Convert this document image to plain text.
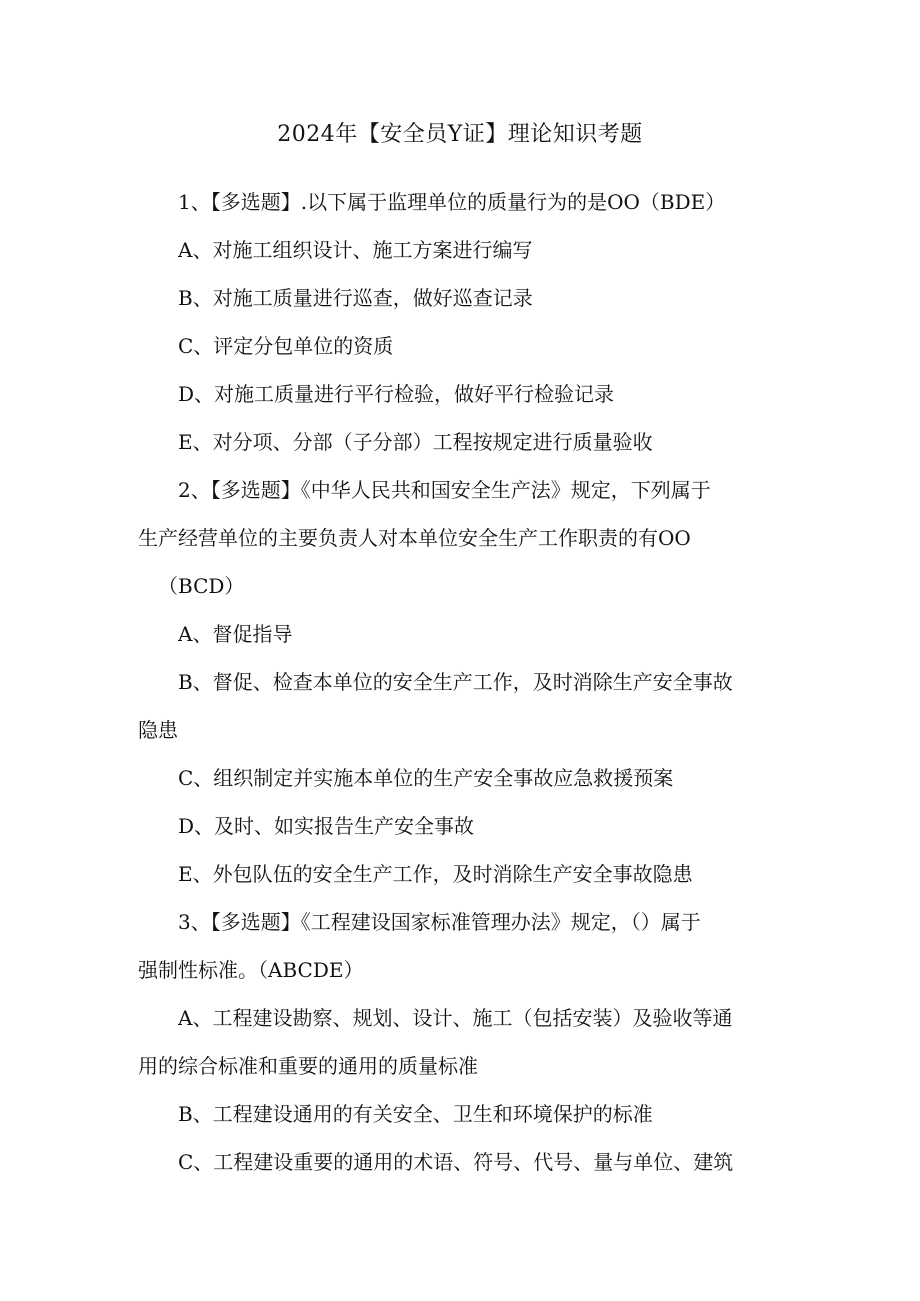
2024年【安全员Y证】理论知识考题
1、【多选题】.以下属于监理单位的质量行为的是OO（BDE）
A、对施工组织设计、施工方案进行编写
B、对施工质量进行巡查，做好巡查记录
C、评定分包单位的资质
D、对施工质量进行平行检验，做好平行检验记录
E、对分项、分部（子分部）工程按规定进行质量验收
2、【多选题】《中华人民共和国安全生产法》规定，下列属于
生产经营单位的主要负责人对本单位安全生产工作职责的有OO
（BCD）
A、督促指导
B、督促、检查本单位的安全生产工作，及时消除生产安全事故
隐患
C、组织制定并实施本单位的生产安全事故应急救援预案
D、及时、如实报告生产安全事故
E、外包队伍的安全生产工作，及时消除生产安全事故隐患
3、【多选题】《工程建设国家标准管理办法》规定，（）属于
强制性标准。（ABCDE）
A、工程建设勘察、规划、设计、施工（包括安装）及验收等通
用的综合标准和重要的通用的质量标准
B、工程建设通用的有关安全、卫生和环境保护的标准
C、工程建设重要的通用的术语、符号、代号、量与单位、建筑
